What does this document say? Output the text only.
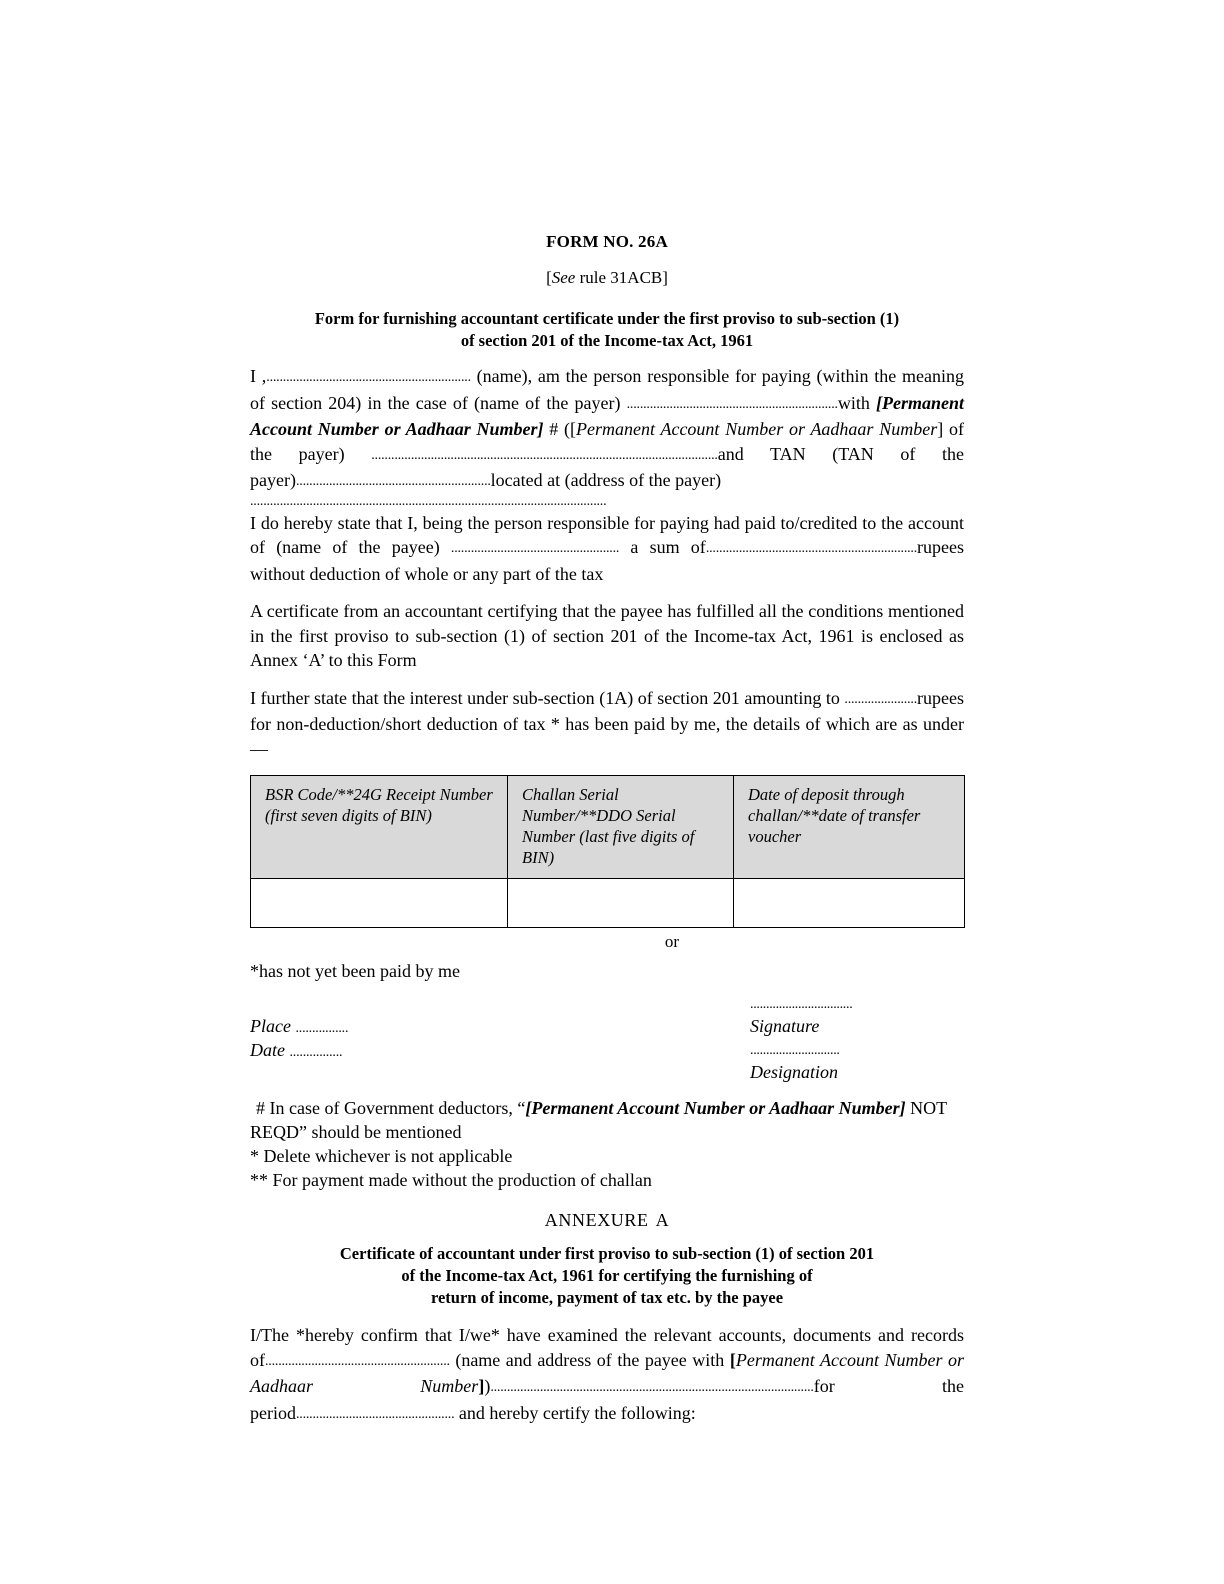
FORM NO. 26A
[See rule 31ACB]
Form for furnishing accountant certificate under the first proviso to sub-section (1)
of section 201 of the Income-tax Act, 1961

I ,.............................................................. (name), am the person responsible for paying (within the meaning of section 204) in the case of (name of the payer) ................................................................with [Permanent Account Number or Aadhaar Number] # ([Permanent Account Number or Aadhaar Number] of the payer) .........................................................................................................and TAN (TAN of the payer)...........................................................located at (address of the payer)

............................................................................................................

I do hereby state that I, being the person responsible for paying had paid to/credited to the account of (name of the payee) ................................................... a sum of................................................................rupees without deduction of whole or any part of the tax

A certificate from an accountant certifying that the payee has fulfilled all the conditions mentioned in the first proviso to sub-section (1) of section 201 of the Income-tax Act, 1961 is enclosed as Annex ‘A’ to this Form

I further state that the interest under sub-section (1A) of section 201 amounting to ......................rupees for non-deduction/short deduction of tax * has been paid by me, the details of which are as under—

BSR Code/**24G Receipt Number (first seven digits of BIN)	Challan Serial Number/**DDO Serial Number (last five digits of BIN)	Date of deposit through challan/**date of transfer voucher

or
*has not yet been paid by me
Place ................
Date ................
................................
Signature
............................
Designation

# In case of Government deductors, “[Permanent Account Number or Aadhaar Number] NOT REQD” should be mentioned

* Delete whichever is not applicable

** For payment made without the production of challan

ANNEXURE A
Certificate of accountant under first proviso to sub-section (1) of section 201
of the Income-tax Act, 1961 for certifying the furnishing of
return of income, payment of tax etc. by the payee

I/The *hereby confirm that I/we* have examined the relevant accounts, documents and records of........................................................ (name and address of the payee with [Permanent Account Number or Aadhaar Number])..................................................................................................for the period................................................ and hereby certify the following:
